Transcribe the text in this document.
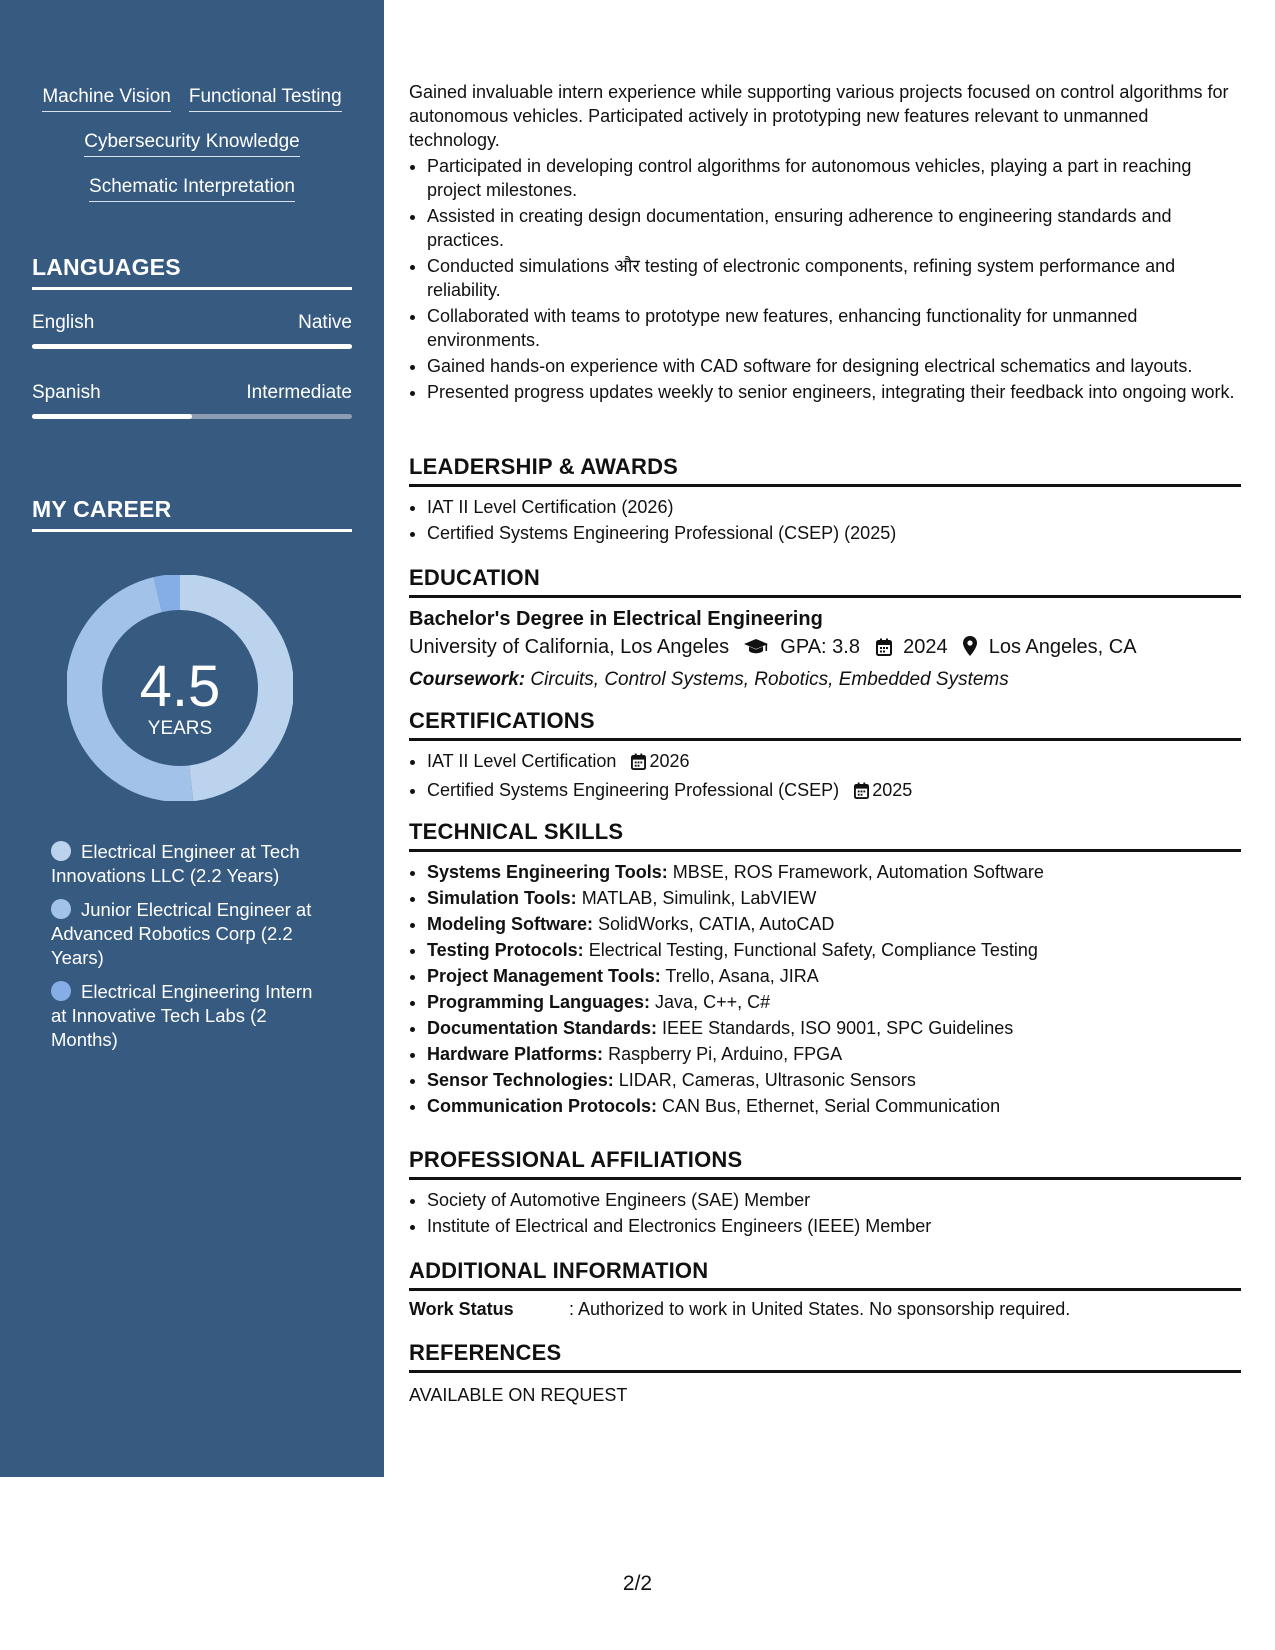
Machine Vision Functional Testing
Cybersecurity Knowledge
Schematic Interpretation
LANGUAGES
English	Native
Spanish	Intermediate
MY CAREER
4.5
YEARS
Electrical Engineer at Tech Innovations LLC (2.2 Years)
Junior Electrical Engineer at Advanced Robotics Corp (2.2 Years)
Electrical Engineering Intern at Innovative Tech Labs (2 Months)

Gained invaluable intern experience while supporting various projects focused on control algorithms for autonomous vehicles. Participated actively in prototyping new features relevant to unmanned technology.

• Participated in developing control algorithms for autonomous vehicles, playing a part in reaching project milestones.
• Assisted in creating design documentation, ensuring adherence to engineering standards and practices.
• Conducted simulations और testing of electronic components, refining system performance and reliability.
• Collaborated with teams to prototype new features, enhancing functionality for unmanned environments.
• Gained hands-on experience with CAD software for designing electrical schematics and layouts.
• Presented progress updates weekly to senior engineers, integrating their feedback into ongoing work.
LEADERSHIP & AWARDS
• IAT II Level Certification (2026)
• Certified Systems Engineering Professional (CSEP) (2025)
EDUCATION
Bachelor's Degree in Electrical Engineering
University of California, Los Angeles	GPA: 3.8 2024 Los Angeles, CA
Coursework: Circuits, Control Systems, Robotics, Embedded Systems
CERTIFICATIONS
• IAT II Level Certification 2026
• Certified Systems Engineering Professional (CSEP) 2025
TECHNICAL SKILLS
• Systems Engineering Tools: MBSE, ROS Framework, Automation Software
• Simulation Tools: MATLAB, Simulink, LabVIEW
• Modeling Software: SolidWorks, CATIA, AutoCAD
• Testing Protocols: Electrical Testing, Functional Safety, Compliance Testing
• Project Management Tools: Trello, Asana, JIRA
• Programming Languages: Java, C++, C#
• Documentation Standards: IEEE Standards, ISO 9001, SPC Guidelines
• Hardware Platforms: Raspberry Pi, Arduino, FPGA
• Sensor Technologies: LIDAR, Cameras, Ultrasonic Sensors
• Communication Protocols: CAN Bus, Ethernet, Serial Communication
PROFESSIONAL AFFILIATIONS
• Society of Automotive Engineers (SAE) Member
• Institute of Electrical and Electronics Engineers (IEEE) Member
ADDITIONAL INFORMATION
Work Status	: Authorized to work in United States. No sponsorship required.
REFERENCES
AVAILABLE ON REQUEST
2/2
